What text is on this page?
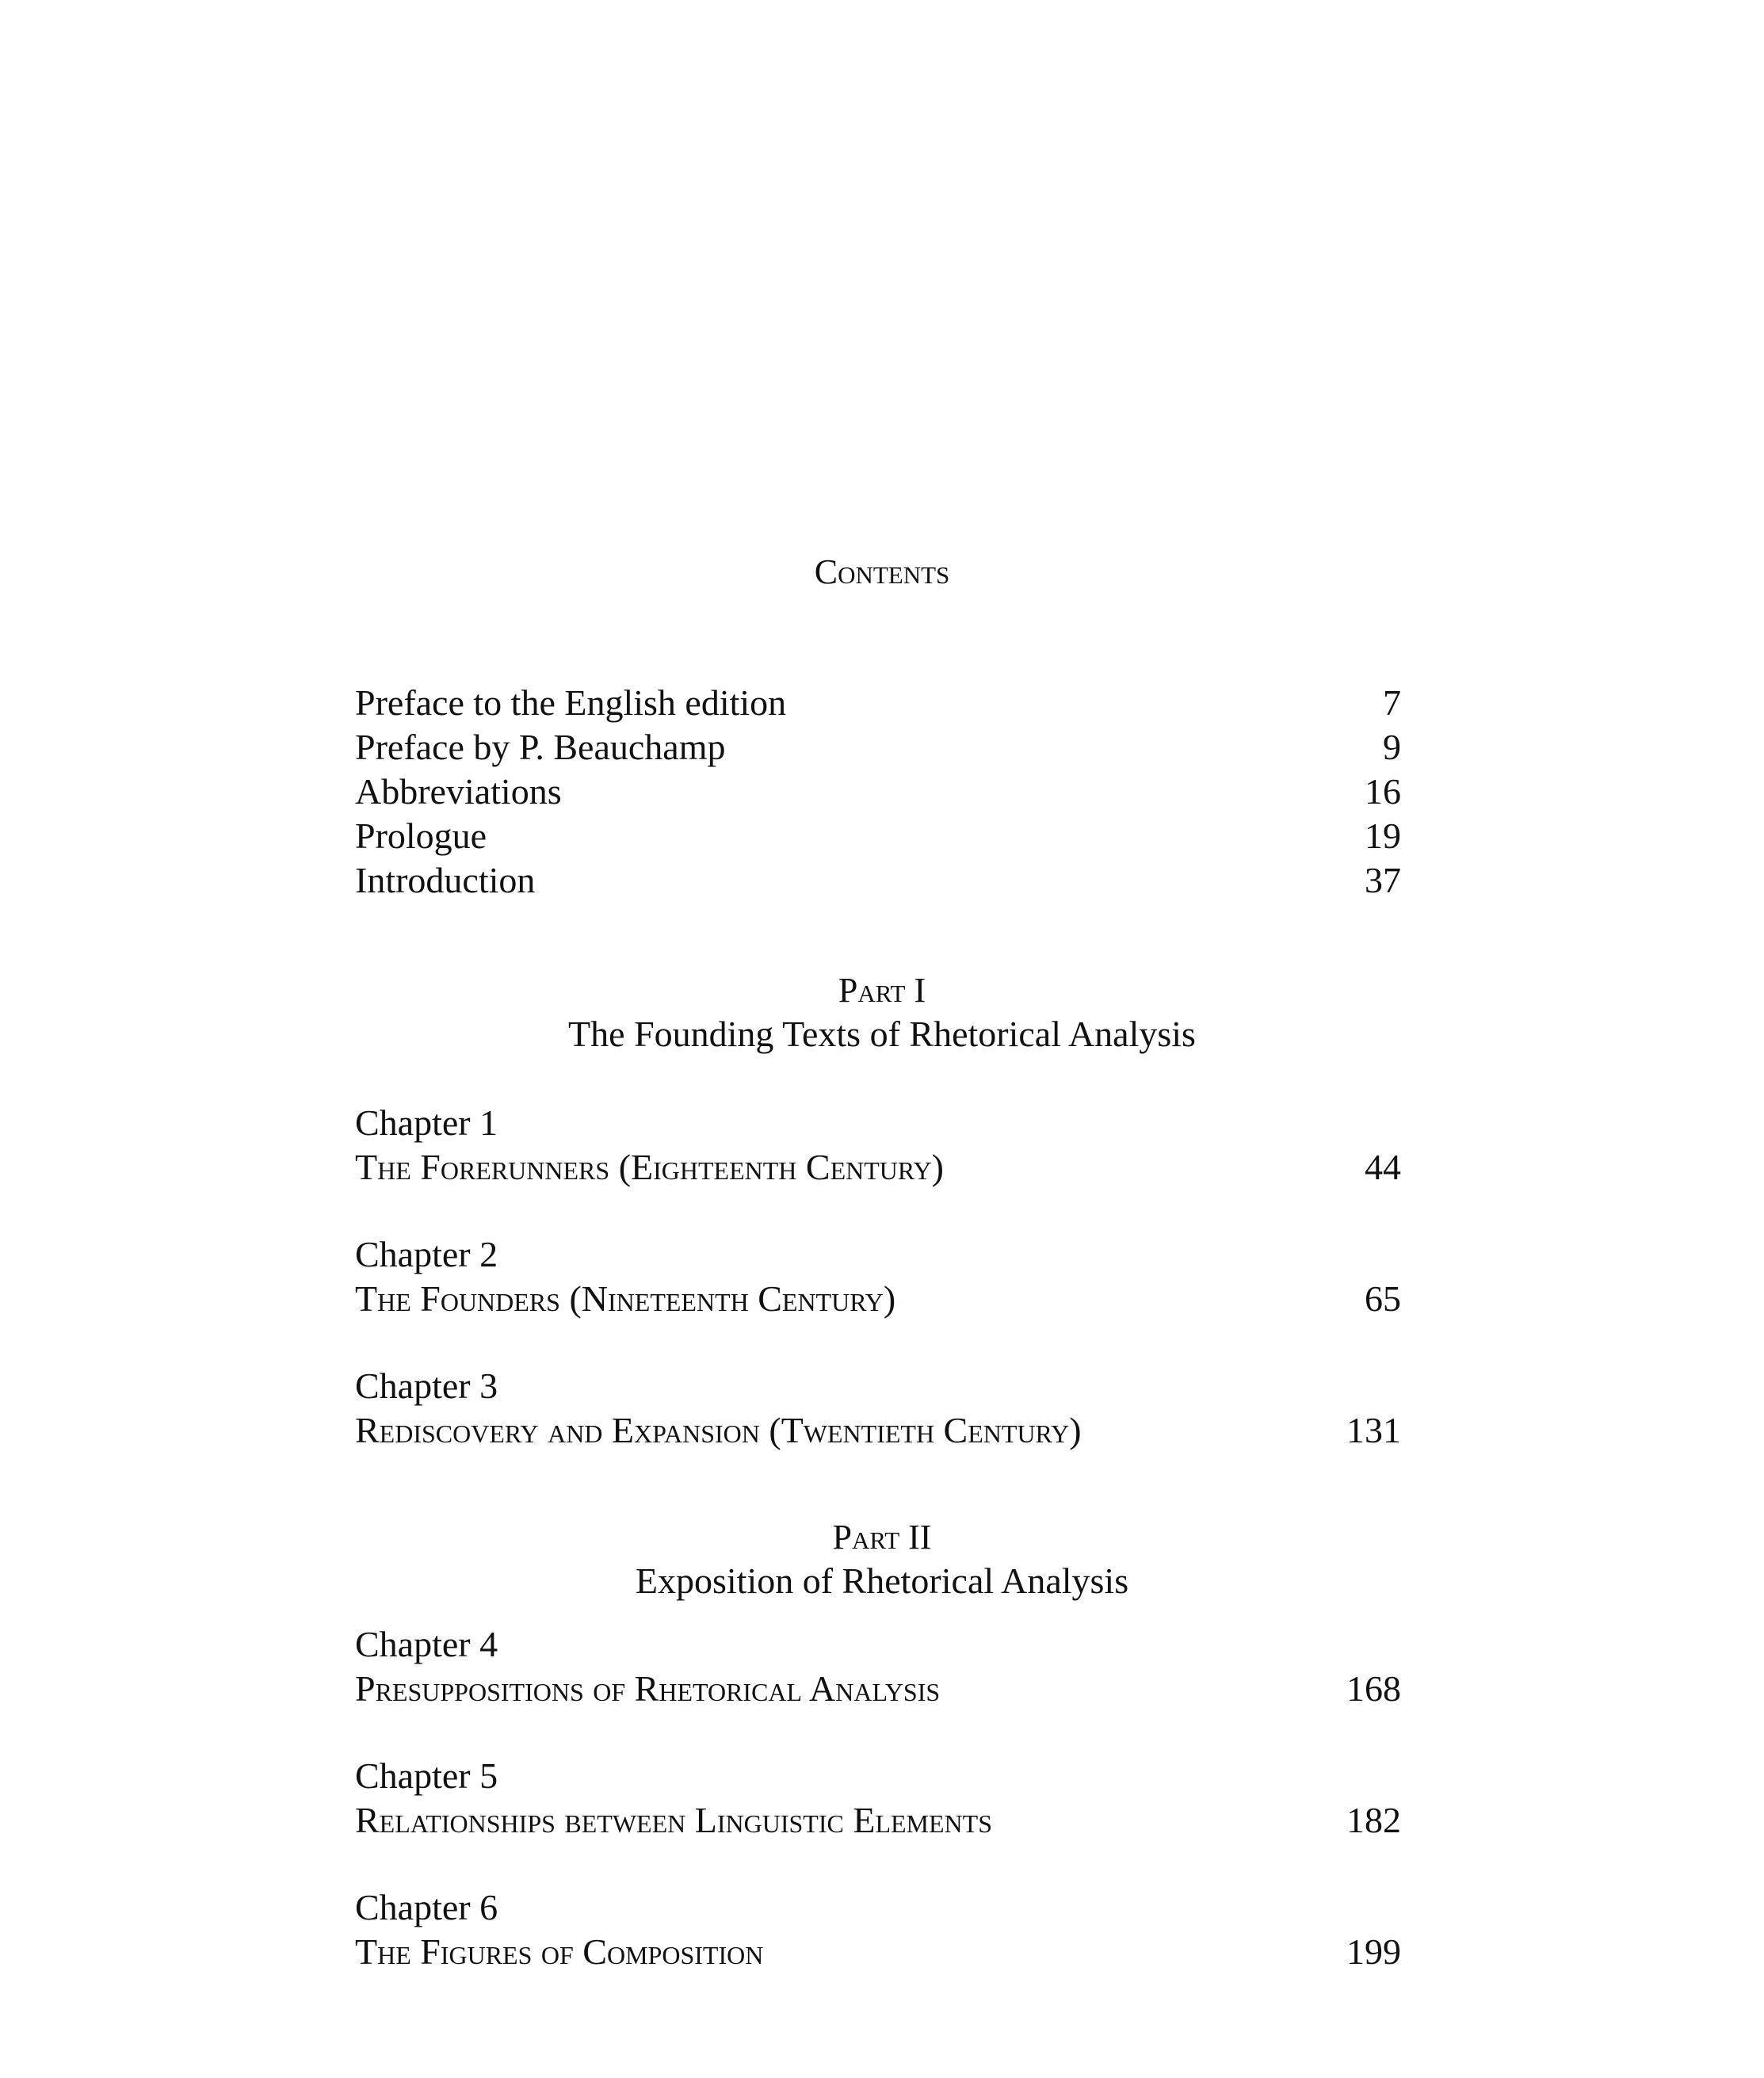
Contents
Preface to the English edition	7
Preface by P. Beauchamp	9
Abbreviations	16
Prologue	19
Introduction	37
Part I
The Founding Texts of Rhetorical Analysis
Chapter 1
The Forerunners (Eighteenth Century)	44
Chapter 2
The Founders (Nineteenth Century)	65
Chapter 3
Rediscovery and Expansion (Twentieth Century)	131
Part II
Exposition of Rhetorical Analysis
Chapter 4
Presuppositions of Rhetorical Analysis	168
Chapter 5
Relationships between Linguistic Elements	182
Chapter 6
The Figures of Composition	199
